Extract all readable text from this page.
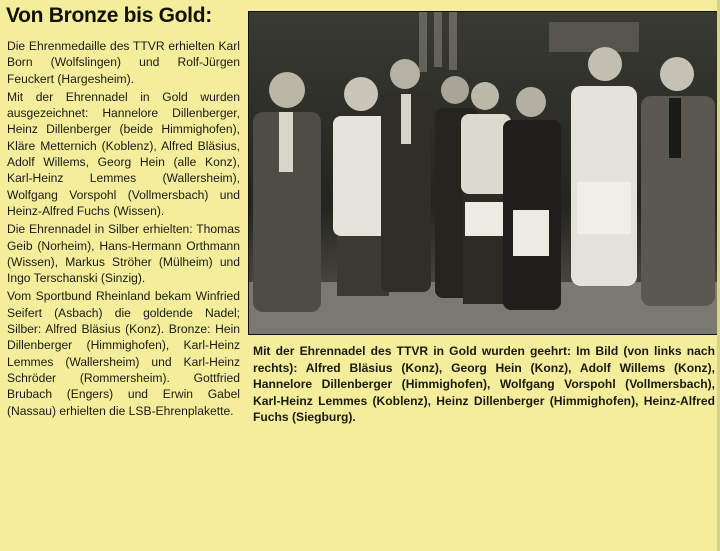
Von Bronze bis Gold:

Die Ehrenmedaille des TTVR erhielten Karl Born (Wolfslingen) und Rolf-Jürgen Feuckert (Hargesheim).

Mit der Ehrennadel in Gold wurden ausgezeichnet: Hannelore Dillenberger, Heinz Dillenberger (beide Himmighofen), Kläre Metternich (Koblenz), Alfred Bläsius, Adolf Willems, Georg Hein (alle Konz), Karl-Heinz Lemmes (Wallersheim), Wolfgang Vorspohl (Vollmersbach) und Heinz-Alfred Fuchs (Wissen).

Die Ehrennadel in Silber erhielten: Thomas Geib (Norheim), Hans-Hermann Orthmann (Wissen), Markus Ströher (Mülheim) und Ingo Terschanski (Sinzig).

Vom Sportbund Rheinland bekam Winfried Seifert (Asbach) die goldende Nadel; Silber: Alfred Bläsius (Konz). Bronze: Hein Dillenberger (Himmighofen), Karl-Heinz Lemmes (Wallersheim) und Karl-Heinz Schröder (Rommersheim). Gottfried Brubach (Engers) und Erwin Gabel (Nassau) erhielten die LSB-Ehrenplakette.

Mit der Ehrennadel des TTVR in Gold wurden geehrt: Im Bild (von links nach rechts): Alfred Bläsius (Konz), Georg Hein (Konz), Adolf Willems (Konz), Hannelore Dillenberger (Himmighofen), Wolfgang Vorspohl (Vollmersbach), Karl-Heinz Lemmes (Koblenz), Heinz Dillenberger (Himmighofen), Heinz-Alfred Fuchs (Siegburg).
